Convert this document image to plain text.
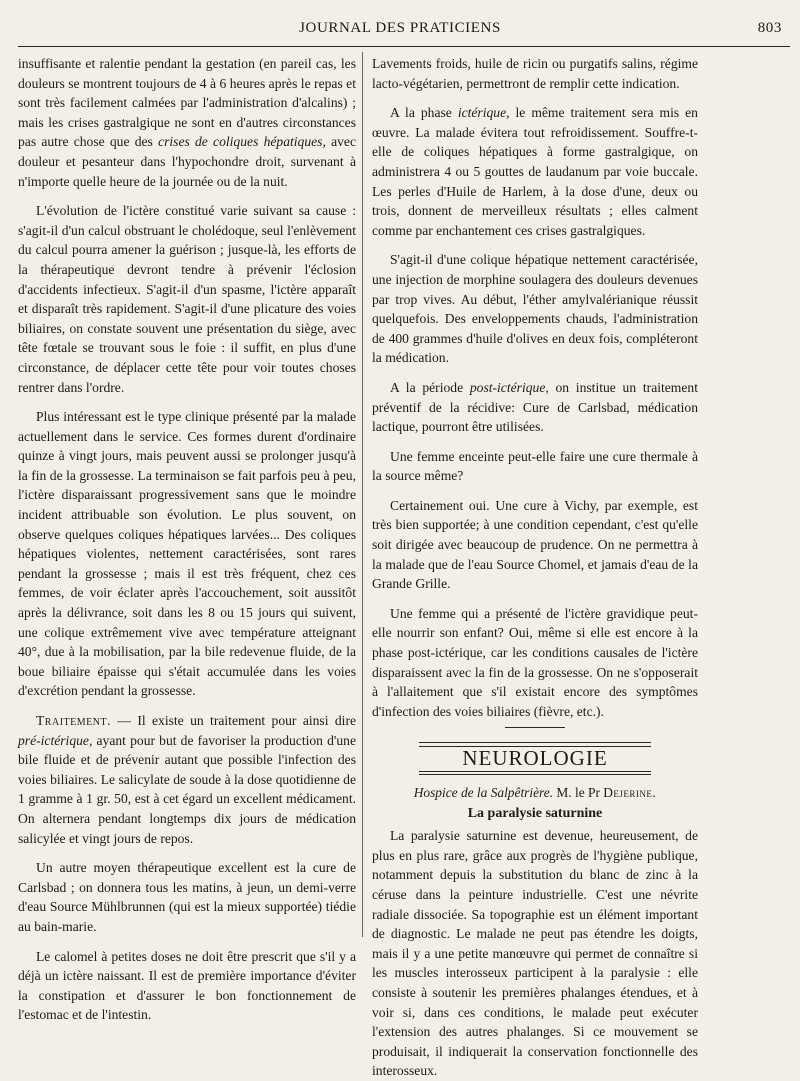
JOURNAL DES PRATICIENS	803

insuffisante et ralentie pendant la gestation (en pareil cas, les douleurs se montrent toujours de 4 à 6 heures après le repas et sont très facilement calmées par l'administration d'alcalins) ; mais les crises gastralgique ne sont en d'autres circonstances pas autre chose que des crises de coliques hépatiques, avec douleur et pesanteur dans l'hypochondre droit, survenant à n'importe quelle heure de la journée ou de la nuit.

L'évolution de l'ictère constitué varie suivant sa cause : s'agit-il d'un calcul obstruant le cholédoque, seul l'enlèvement du calcul pourra amener la guérison ; jusque-là, les efforts de la thérapeutique devront tendre à prévenir l'éclosion d'accidents infectieux. S'agit-il d'un spasme, l'ictère apparaît et disparaît très rapidement. S'agit-il d'une plicature des voies biliaires, on constate souvent une présentation du siège, avec tête fœtale se trouvant sous le foie : il suffit, en plus d'une circonstance, de déplacer cette tête pour voir toutes choses rentrer dans l'ordre.

Plus intéressant est le type clinique présenté par la malade actuellement dans le service. Ces formes durent d'ordinaire quinze à vingt jours, mais peuvent aussi se prolonger jusqu'à la fin de la grossesse. La terminaison se fait parfois peu à peu, l'ictère disparaissant progressivement sans que le moindre incident attribuable son évolution. Le plus souvent, on observe quelques coliques hépatiques larvées... Des coliques hépatiques violentes, nettement caractérisées, sont rares pendant la grossesse ; mais il est très fréquent, chez ces femmes, de voir éclater après l'accouchement, soit aussitôt après la délivrance, soit dans les 8 ou 15 jours qui suivent, une colique extrêmement vive avec température atteignant 40°, due à la mobilisation, par la bile redevenue fluide, de la boue biliaire épaisse qui s'était accumulée dans les voies d'excrétion pendant la grossesse.

Traitement. — Il existe un traitement pour ainsi dire pré-ictérique, ayant pour but de favoriser la production d'une bile fluide et de prévenir autant que possible l'infection des voies biliaires. Le salicylate de soude à la dose quotidienne de 1 gramme à 1 gr. 50, est à cet égard un excellent médicament. On alternera pendant longtemps dix jours de médication salicylée et vingt jours de repos.

Un autre moyen thérapeutique excellent est la cure de Carlsbad ; on donnera tous les matins, à jeun, un demi-verre d'eau Source Mühlbrunnen (qui est la mieux supportée) tiédie au bain-marie.

Le calomel à petites doses ne doit être prescrit que s'il y a déjà un ictère naissant. Il est de première importance d'éviter la constipation et d'assurer le bon fonctionnement de l'estomac et de l'intestin.

Lavements froids, huile de ricin ou purgatifs salins, régime lacto-végétarien, permettront de remplir cette indication.

A la phase ictérique, le même traitement sera mis en œuvre. La malade évitera tout refroidissement. Souffre-t-elle de coliques hépatiques à forme gastralgique, on administrera 4 ou 5 gouttes de laudanum par voie buccale. Les perles d'Huile de Harlem, à la dose d'une, deux ou trois, donnent de merveilleux résultats ; elles calment comme par enchantement ces crises gastralgiques.

S'agit-il d'une colique hépatique nettement caractérisée, une injection de morphine soulagera des douleurs devenues par trop vives. Au début, l'éther amylvalérianique réussit quelquefois. Des enveloppements chauds, l'administration de 400 grammes d'huile d'olives en deux fois, compléteront la médication.

A la période post-ictérique, on institue un traitement préventif de la récidive: Cure de Carlsbad, médication lactique, pourront être utilisées.

Une femme enceinte peut-elle faire une cure thermale à la source même?

Certainement oui. Une cure à Vichy, par exemple, est très bien supportée; à une condition cependant, c'est qu'elle soit dirigée avec beaucoup de prudence. On ne permettra à la malade que de l'eau Source Chomel, et jamais d'eau de la Grande Grille.

Une femme qui a présenté de l'ictère gravidique peut-elle nourrir son enfant? Oui, même si elle est encore à la phase post-ictérique, car les conditions causales de l'ictère disparaissent avec la fin de la grossesse. On ne s'opposerait à l'allaitement que s'il existait encore des symptômes d'infection des voies biliaires (fièvre, etc.).

NEUROLOGIE
Hospice de la Salpêtrière. M. le Pr Dejerine.
La paralysie saturnine

La paralysie saturnine est devenue, heureusement, de plus en plus rare, grâce aux progrès de l'hygiène publique, notamment depuis la substitution du blanc de zinc à la céruse dans la peinture industrielle. C'est une névrite radiale dissociée. Sa topographie est un élément important de diagnostic. Le malade ne peut pas étendre les doigts, mais il y a une petite manœuvre qui permet de connaître si les muscles interosseux participent à la paralysie : elle consiste à soutenir les premières phalanges étendues, et à voir si, dans ces conditions, le malade peut exécuter l'extension des autres phalanges. Si ce mouvement se produisait, il indiquerait la conservation fonctionnelle des interosseux.
